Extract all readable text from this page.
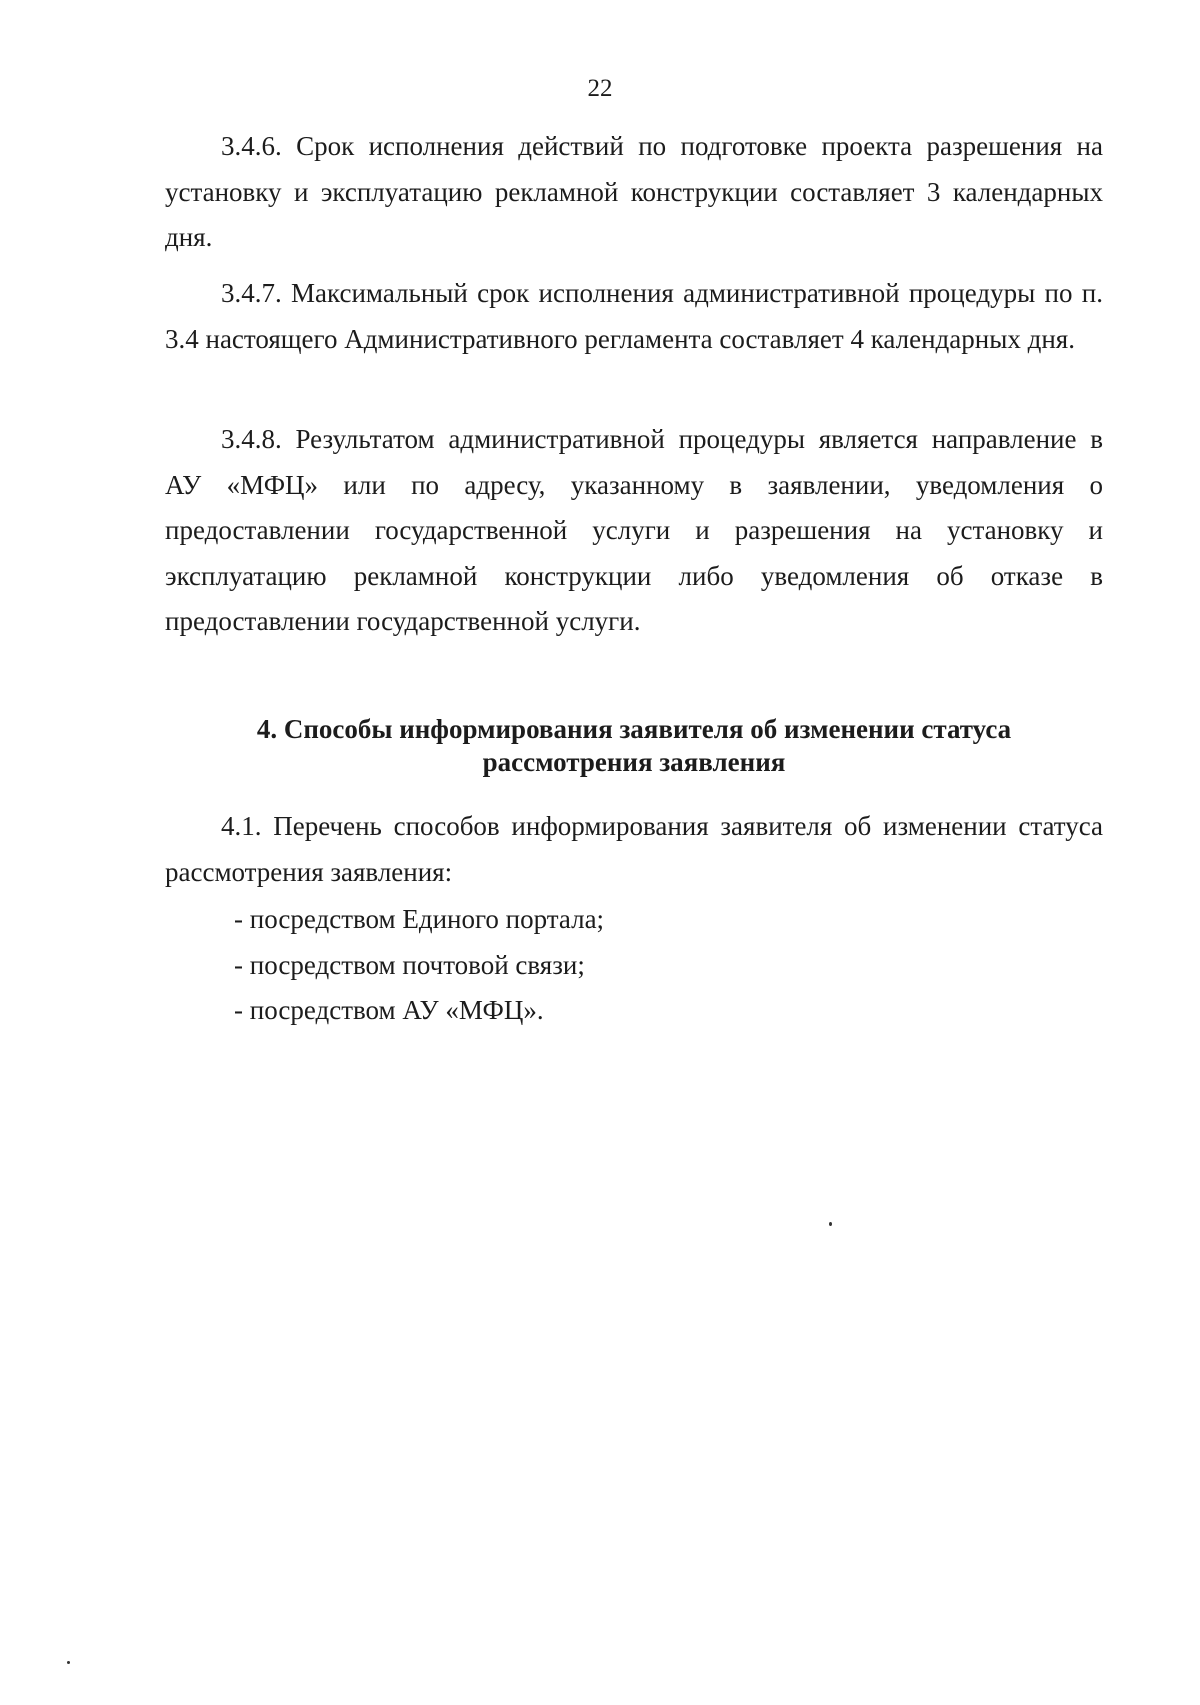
22

3.4.6. Срок исполнения действий по подготовке проекта разрешения на установку и эксплуатацию рекламной конструкции составляет 3 календарных дня.

3.4.7. Максимальный срок исполнения административной процедуры по п. 3.4 настоящего Административного регламента составляет 4 календарных дня.

3.4.8. Результатом административной процедуры является направление в АУ «МФЦ» или по адресу, указанному в заявлении, уведомления о предоставлении государственной услуги и разрешения на установку и эксплуатацию рекламной конструкции либо уведомления об отказе в предоставлении государственной услуги.

4. Способы информирования заявителя об изменении статуса
рассмотрения заявления

4.1. Перечень способов информирования заявителя об изменении статуса рассмотрения заявления:

- посредством Единого портала;
- посредством почтовой связи;
- посредством АУ «МФЦ».
